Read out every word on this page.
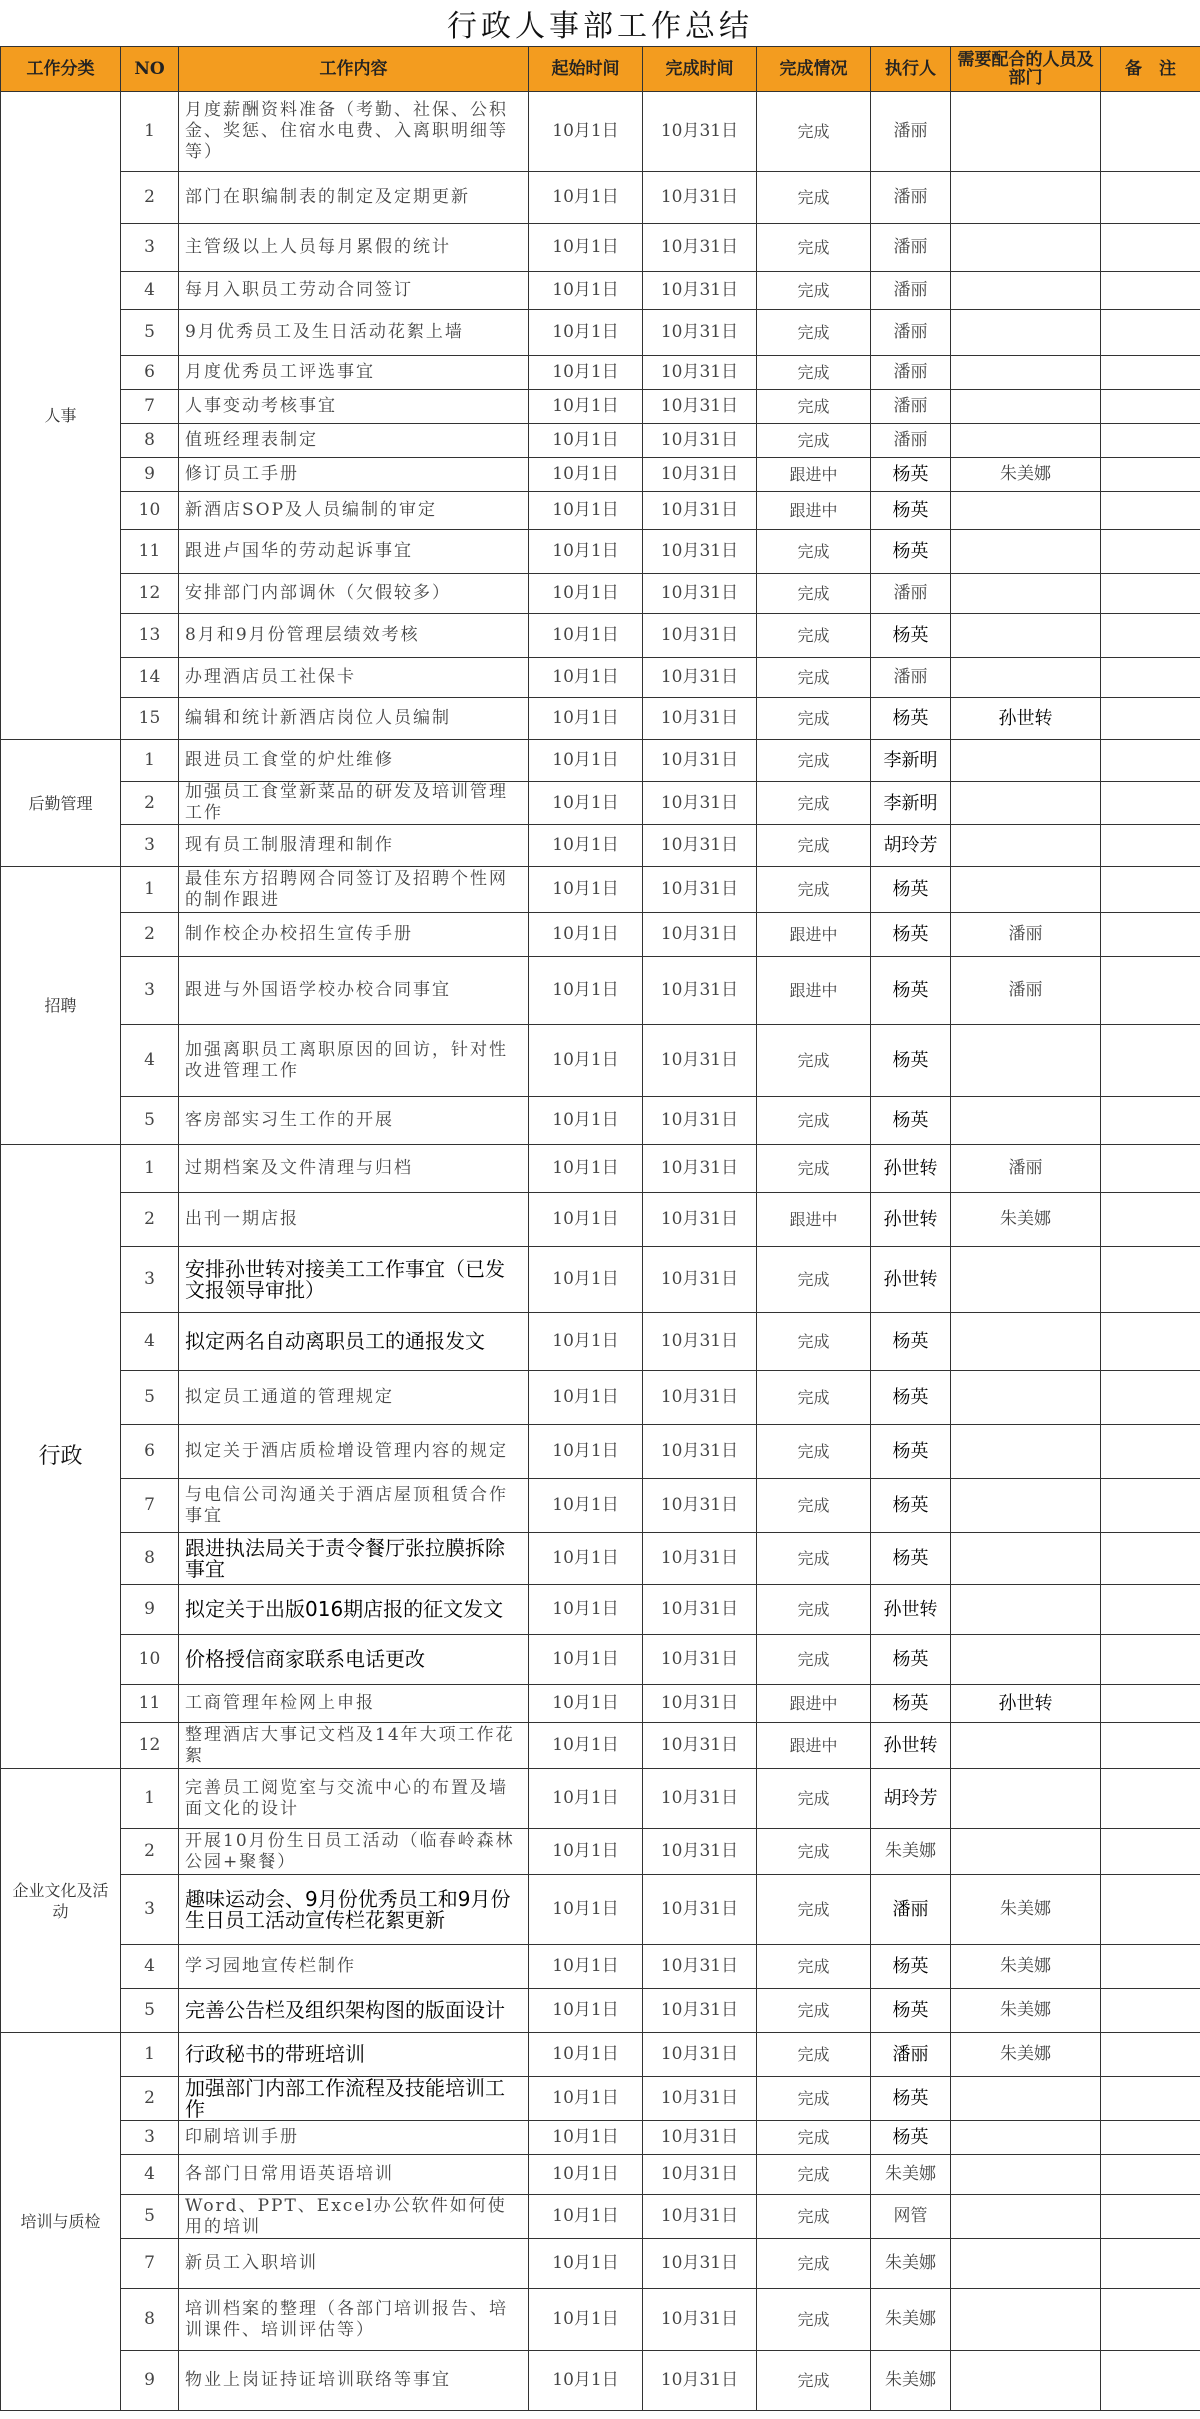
行政人事部工作总结
工作分类	NO	工作内容	起始时间	完成时间	完成情况	执行人	需要配合的人员及部门	备　注
人事	1	月度薪酬资料准备（考勤、社保、公积金、奖惩、住宿水电费、入离职明细等等）	10月1日	10月31日	完成	潘丽		
	2	部门在职编制表的制定及定期更新	10月1日	10月31日	完成	潘丽		
	3	主管级以上人员每月累假的统计	10月1日	10月31日	完成	潘丽		
	4	每月入职员工劳动合同签订	10月1日	10月31日	完成	潘丽		
	5	9月优秀员工及生日活动花絮上墙	10月1日	10月31日	完成	潘丽		
	6	月度优秀员工评选事宜	10月1日	10月31日	完成	潘丽		
	7	人事变动考核事宜	10月1日	10月31日	完成	潘丽		
	8	值班经理表制定	10月1日	10月31日	完成	潘丽		
	9	修订员工手册	10月1日	10月31日	跟进中	杨英	朱美娜	
	10	新酒店SOP及人员编制的审定	10月1日	10月31日	跟进中	杨英		
	11	跟进卢国华的劳动起诉事宜	10月1日	10月31日	完成	杨英		
	12	安排部门内部调休（欠假较多）	10月1日	10月31日	完成	潘丽		
	13	8月和9月份管理层绩效考核	10月1日	10月31日	完成	杨英		
	14	办理酒店员工社保卡	10月1日	10月31日	完成	潘丽		
	15	编辑和统计新酒店岗位人员编制	10月1日	10月31日	完成	杨英	孙世转	
后勤管理	1	跟进员工食堂的炉灶维修	10月1日	10月31日	完成	李新明		
	2	加强员工食堂新菜品的研发及培训管理工作	10月1日	10月31日	完成	李新明		
	3	现有员工制服清理和制作	10月1日	10月31日	完成	胡玲芳		
招聘	1	最佳东方招聘网合同签订及招聘个性网的制作跟进	10月1日	10月31日	完成	杨英		
	2	制作校企办校招生宣传手册	10月1日	10月31日	跟进中	杨英	潘丽	
	3	跟进与外国语学校办校合同事宜	10月1日	10月31日	跟进中	杨英	潘丽	
	4	加强离职员工离职原因的回访，针对性改进管理工作	10月1日	10月31日	完成	杨英		
	5	客房部实习生工作的开展	10月1日	10月31日	完成	杨英		
行政	1	过期档案及文件清理与归档	10月1日	10月31日	完成	孙世转	潘丽	
	2	出刊一期店报	10月1日	10月31日	跟进中	孙世转	朱美娜	
	3	安排孙世转对接美工工作事宜（已发文报领导审批）	10月1日	10月31日	完成	孙世转		
	4	拟定两名自动离职员工的通报发文	10月1日	10月31日	完成	杨英		
	5	拟定员工通道的管理规定	10月1日	10月31日	完成	杨英		
	6	拟定关于酒店质检增设管理内容的规定	10月1日	10月31日	完成	杨英		
	7	与电信公司沟通关于酒店屋顶租赁合作事宜	10月1日	10月31日	完成	杨英		
	8	跟进执法局关于责令餐厅张拉膜拆除事宜	10月1日	10月31日	完成	杨英		
	9	拟定关于出版016期店报的征文发文	10月1日	10月31日	完成	孙世转		
	10	价格授信商家联系电话更改	10月1日	10月31日	完成	杨英		
	11	工商管理年检网上申报	10月1日	10月31日	跟进中	杨英	孙世转	
	12	整理酒店大事记文档及14年大项工作花絮	10月1日	10月31日	跟进中	孙世转		
企业文化及活动	1	完善员工阅览室与交流中心的布置及墙面文化的设计	10月1日	10月31日	完成	胡玲芳		
	2	开展10月份生日员工活动（临春岭森林公园+聚餐）	10月1日	10月31日	完成	朱美娜		
	3	趣味运动会、9月份优秀员工和9月份生日员工活动宣传栏花絮更新	10月1日	10月31日	完成	潘丽	朱美娜	
	4	学习园地宣传栏制作	10月1日	10月31日	完成	杨英	朱美娜	
	5	完善公告栏及组织架构图的版面设计	10月1日	10月31日	完成	杨英	朱美娜	
培训与质检	1	行政秘书的带班培训	10月1日	10月31日	完成	潘丽	朱美娜	
	2	加强部门内部工作流程及技能培训工作	10月1日	10月31日	完成	杨英		
	3	印刷培训手册	10月1日	10月31日	完成	杨英		
	4	各部门日常用语英语培训	10月1日	10月31日	完成	朱美娜		
	5	Word、PPT、Excel办公软件如何使用的培训	10月1日	10月31日	完成	网管		
	7	新员工入职培训	10月1日	10月31日	完成	朱美娜		
	8	培训档案的整理（各部门培训报告、培训课件、培训评估等）	10月1日	10月31日	完成	朱美娜		
	9	物业上岗证持证培训联络等事宜	10月1日	10月31日	完成	朱美娜		
